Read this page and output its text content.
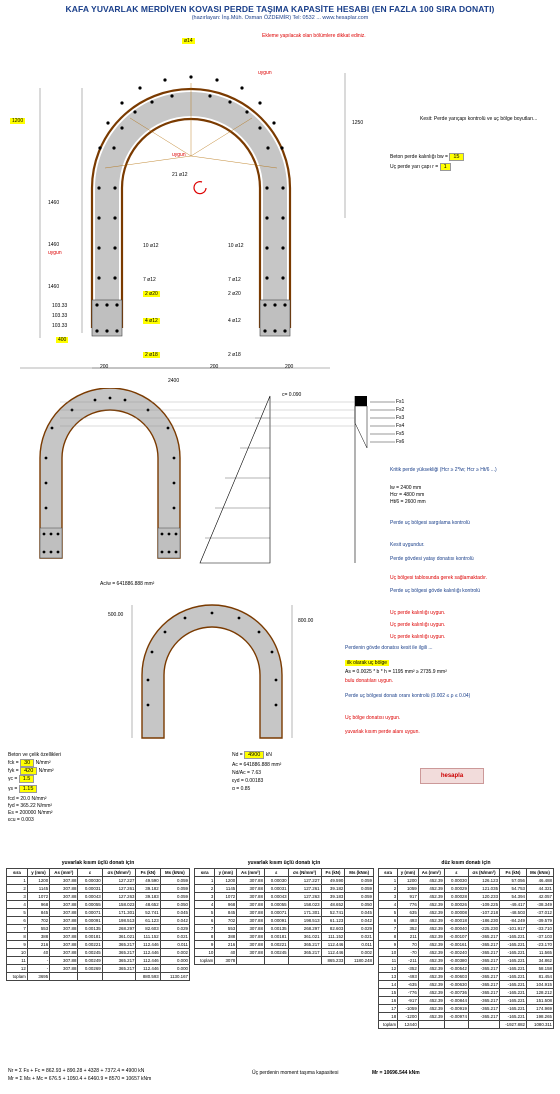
KAFA YUVARLAK MERDİVEN KOVASI PERDE TAŞIMA KAPASİTE HESABI (EN FAZLA 100 SIRA DONATI)
(hazırlayan: İnş.Müh. Osman ÖZDEMİR) Tel: 0532 ... www.hesaplar.com
Ekleme yapılacak olan bölümlere dikkat ediniz.
ø14
21 ø12
10 ø12
7 ø12
2 ø20
4 ø12
2 ø18
10 ø12
7 ø12
2 ø20
4 ø12
2 ø18
1200
1460
1460
1460
103.33
103.33
103.33
400
2400
200	200	200
1250
uygun
uygun
uygun
Kesit: Perde yarıçapı kontrolü ve uç bölge boyutları...
Beton perde kalınlığı bw = 15
Uç perde yarı çapı r = 1
c= 0.090
Fs1
Fs2
Fs3
Fs4
Fs5
Fs6
Ac/w = 641886.888 mm²
Kritik perde yüksekliği (Hcr ≥ 2*lw; Hcr ≥ Ht/6 ...)
lw = 2400 mm
Hcr = 4800 mm
Ht/6 = 2600 mm
Perde uç bölgesi sargılama kontrolü
Kesit uygundur.
Perde gövdesi yatay donatısı kontrolü
Uç bölgesi tablosunda gerek sağlamaktadır.
Perde uç bölgesi gövde kalınlığı kontrolü
Uç perde kalınlığı uygun.
Uç perde kalınlığı uygun.
Uç perde kalınlığı uygun.
500.00
800.00
Perdenin gövde donatısı kesit ile ilgili ...
ilk olarak uç bölge
As = 0.0025 * b * h = 1195 mm² ≥ 2735.9 mm²
bulu donatıları uygun.
Perde uç bölgesi donatı oranı kontrolü (0.002 ≤ ρ ≤ 0.04)
Uç bölge donatısı uygun.
yuvarlak kısım perde alanı uygun.
Beton ve çelik özellikleri
fck = 30 N/mm²
fyk = 420 N/mm²
γc = 1.5
γs = 1.15
fcd = 20.0 N/mm²
fyd = 365.22 N/mm²
Es = 200000 N/mm²
εcu = 0.003
Nd = 4900 kN
Ac = 641886.888 mm²
Nd/Ac = 7.63
εyd = 0.00183
α = 0.85
hesapla
yuvarlak kısım üçlü donatı için
sıra	y (mm)	As (mm²)	ε	σs (N/mm²)	Fs (kN)	Ms (kNm)
1	1200	307.88	0.00030	127.227	49.590	0.059
2	1145	307.88	0.00031	127.261	39.182	0.059
3	1072	307.88	0.00043	127.263	39.183	0.059
4	968	307.88	0.00055	158.023	48.652	0.050
5	845	307.88	0.00071	171.301	52.741	0.045
6	702	307.88	0.00091	198.513	61.123	0.042
7	553	307.88	0.00135	268.297	82.603	0.029
8	388	307.88	0.00181	361.021	111.152	0.021
9	216	307.88	0.00221	365.217	112.446	0.011
10	40	307.88	0.00245	365.217	112.446	0.002
11	-	307.88	0.00249	365.217	112.446	0.000
12	-	307.88	0.00269	365.217	112.446	0.000
toplam	3695				880.593	1130.167
yuvarlak kısım üçlü donatı için
sıra	y (mm)	As (mm²)	ε	σs (N/mm²)	Fs (kN)	Ms (kNm)
1	1200	307.88	0.00030	127.227	49.590	0.059
2	1145	307.88	0.00031	127.261	39.182	0.059
3	1072	307.88	0.00043	127.263	39.183	0.059
4	968	307.88	0.00055	158.023	48.652	0.050
5	845	307.88	0.00071	171.301	52.741	0.045
6	702	307.88	0.00091	198.513	61.123	0.042
7	553	307.88	0.00135	268.297	82.603	0.029
8	388	307.88	0.00181	361.021	111.152	0.021
9	216	307.88	0.00221	365.217	112.446	0.011
10	40	307.88	0.00245	365.217	112.446	0.002
toplam	3078				865.233	1180.248
düz kısım donatı için
sıra	y (mm)	As (mm²)	ε	σs (N/mm²)	Fs (kN)	Ms (kNm)
1	1200	452.39	0.00030	126.123	57.056	46.488
2	1059	452.39	0.00029	121.035	54.753	44.321
3	917	452.39	0.00028	120.233	54.394	42.057
4	776	452.39	0.00026	-109.225	-49.417	-38.349
5	635	452.39	0.00008	-107.218	-48.503	-37.012
6	493	452.39	-0.00018	-186.230	-84.249	-39.579
7	352	452.39	-0.00040	-225.230	-101.917	-33.710
8	211	452.39	-0.00107	-365.217	-165.221	-37.103
9	70	452.39	-0.00161	-365.217	-165.221	-23.170
10	-70	452.39	-0.00240	-365.217	-165.221	11.565
11	-211	452.39	-0.00380	-365.217	-165.221	34.862
12	-352	452.39	-0.00542	-365.217	-165.221	58.158
13	-493	452.39	-0.00603	-365.217	-165.221	81.454
14	-635	452.39	-0.00630	-365.217	-165.221	104.915
15	-776	452.39	-0.00736	-365.217	-165.221	128.212
16	-917	452.39	-0.00844	-365.217	-165.221	151.508
17	-1059	452.39	-0.00919	-365.217	-165.221	174.969
18	-1200	452.39	-0.00974	-365.217	-165.221	198.265
toplam	12440				-1927.882	1080.311
Nr = Σ Fs + Fc = 862.93 + 890.28 + 4328 + 7372.4 = 4900 kN
Mr = Σ Ms + Mc = 676.5 + 1050.4 + 6460.9 = 8570 = 10657 kNm
Üç perdenin moment taşıma kapasitesi	Mr = 10696.544 kNm
